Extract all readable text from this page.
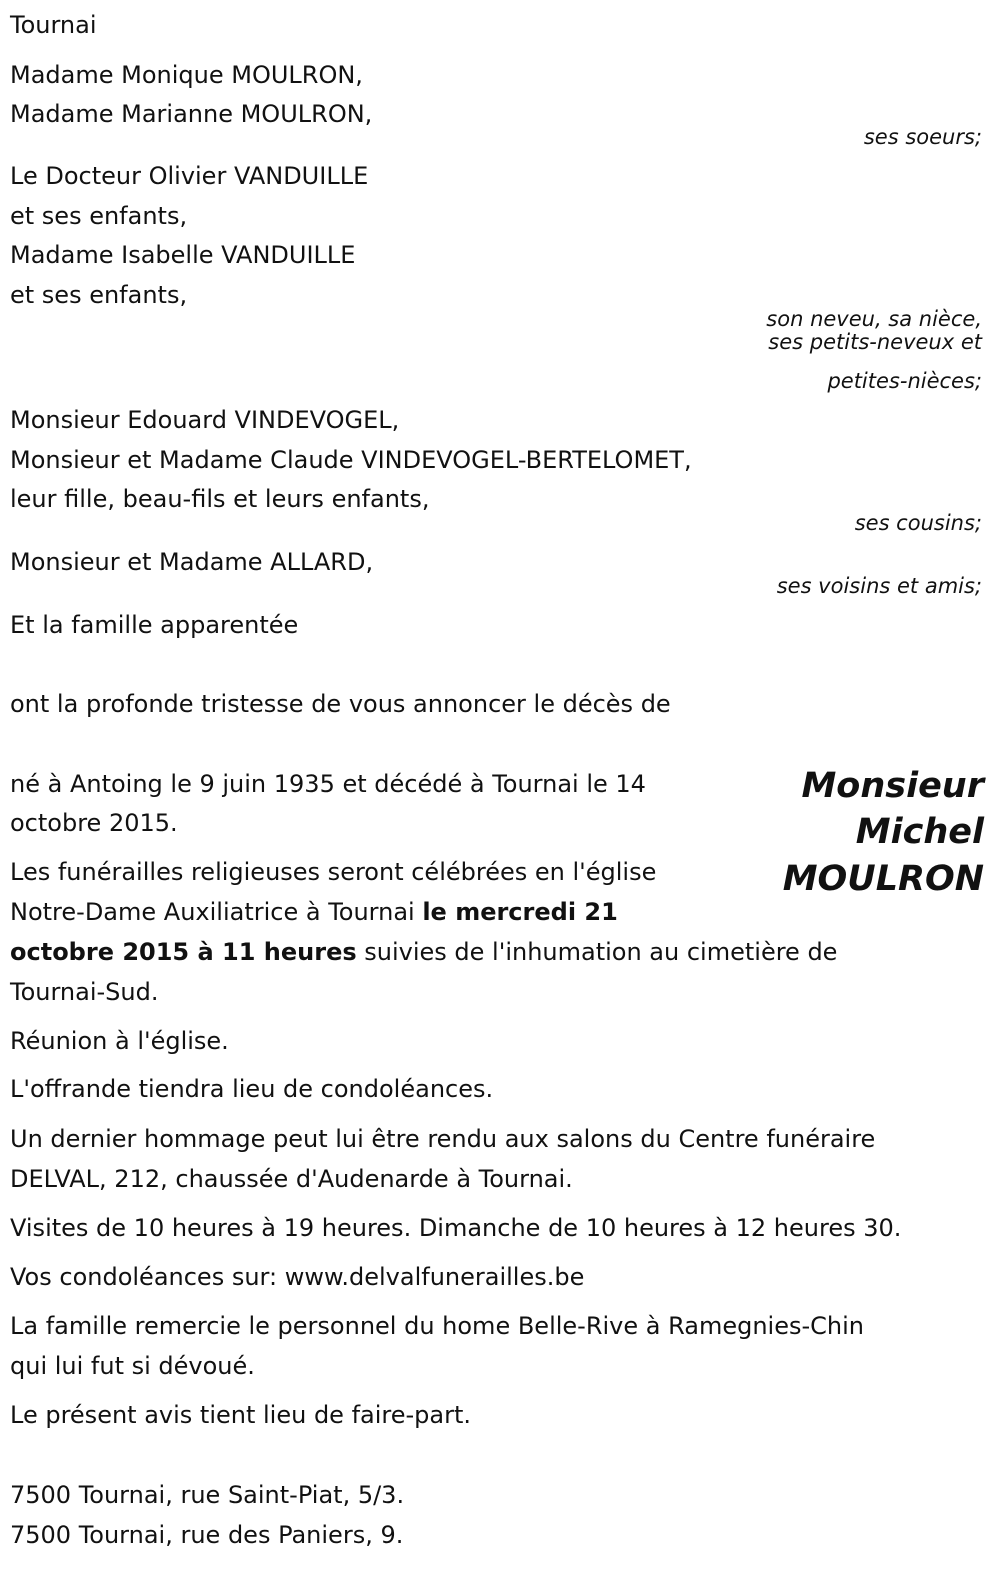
Tournai
Madame Monique MOULRON,
Madame Marianne MOULRON,
ses soeurs;
Le Docteur Olivier VANDUILLE
et ses enfants,
Madame Isabelle VANDUILLE
et ses enfants,
son neveu, sa nièce,
ses petits-neveux et
petites-nièces;
Monsieur Edouard VINDEVOGEL,
Monsieur et Madame Claude VINDEVOGEL-BERTELOMET,
leur fille, beau-fils et leurs enfants,
ses cousins;
Monsieur et Madame ALLARD,
ses voisins et amis;
Et la famille apparentée
ont la profonde tristesse de vous annoncer le décès de
Monsieur
Michel
MOULRON
né à Antoing le 9 juin 1935 et décédé à Tournai le 14
octobre 2015.
Les funérailles religieuses seront célébrées en l'église
Notre-Dame Auxiliatrice à Tournai le mercredi 21
octobre 2015 à 11 heures suivies de l'inhumation au cimetière de
Tournai-Sud.
Réunion à l'église.
L'offrande tiendra lieu de condoléances.
Un dernier hommage peut lui être rendu aux salons du Centre funéraire
DELVAL, 212, chaussée d'Audenarde à Tournai.
Visites de 10 heures à 19 heures. Dimanche de 10 heures à 12 heures 30.
Vos condoléances sur: www.delvalfunerailles.be
La famille remercie le personnel du home Belle-Rive à Ramegnies-Chin
qui lui fut si dévoué.
Le présent avis tient lieu de faire-part.
7500 Tournai, rue Saint-Piat, 5/3.
7500 Tournai, rue des Paniers, 9.
